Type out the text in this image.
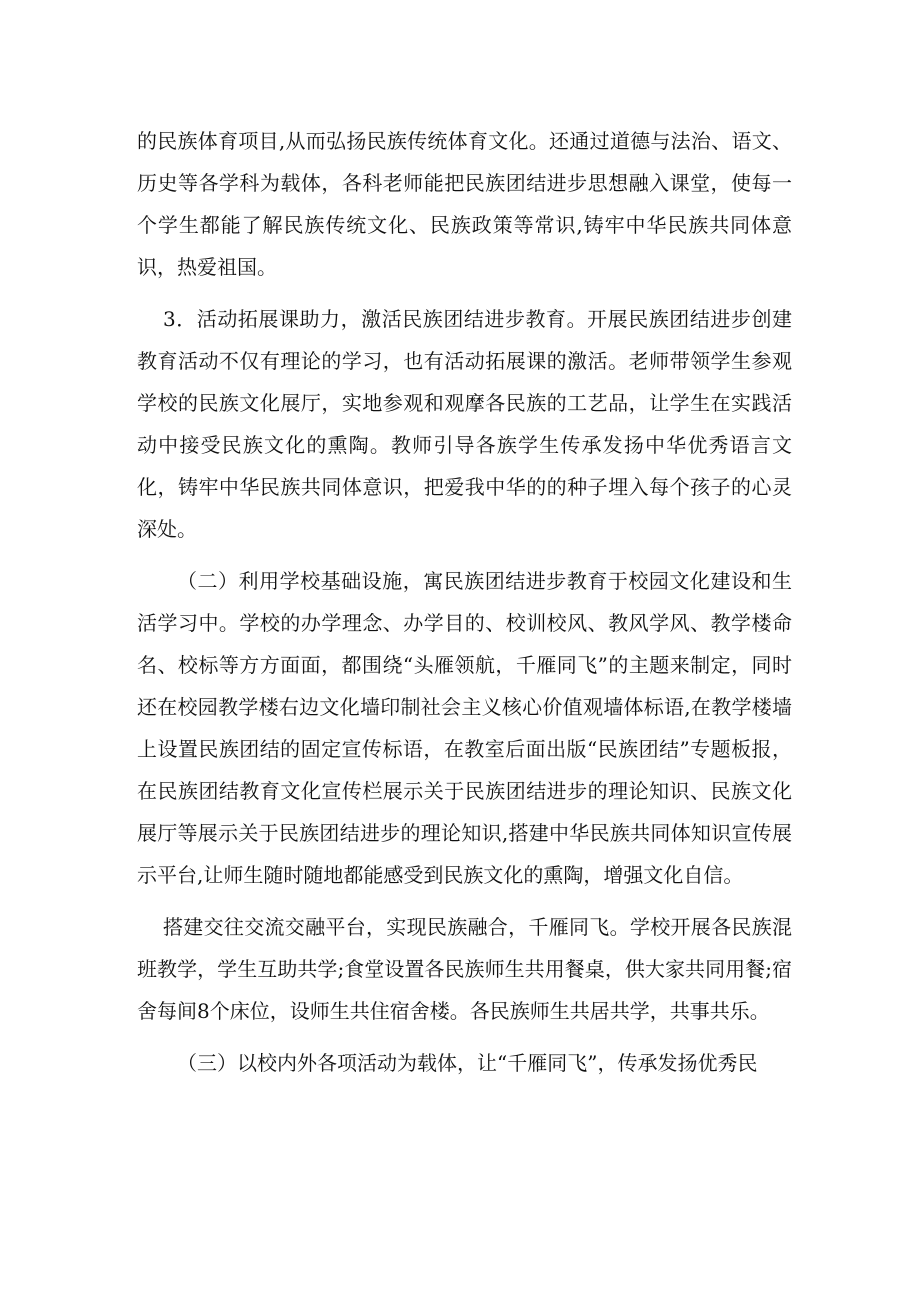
的民族体育项目,从而弘扬民族传统体育文化。还通过道德与法治、语文、历史等各学科为载体，各科老师能把民族团结进步思想融入课堂，使每一个学生都能了解民族传统文化、民族政策等常识,铸牢中华民族共同体意识，热爱祖国。

3．活动拓展课助力，激活民族团结进步教育。开展民族团结进步创建教育活动不仅有理论的学习，也有活动拓展课的激活。老师带领学生参观学校的民族文化展厅，实地参观和观摩各民族的工艺品，让学生在实践活动中接受民族文化的熏陶。教师引导各族学生传承发扬中华优秀语言文化，铸牢中华民族共同体意识，把爱我中华的的种子埋入每个孩子的心灵深处。

（二）利用学校基础设施，寓民族团结进步教育于校园文化建设和生活学习中。学校的办学理念、办学目的、校训校风、教风学风、教学楼命名、校标等方方面面，都围绕“头雁领航，千雁同飞”的主题来制定，同时还在校园教学楼右边文化墙印制社会主义核心价值观墙体标语,在教学楼墙上设置民族团结的固定宣传标语，在教室后面出版“民族团结”专题板报，在民族团结教育文化宣传栏展示关于民族团结进步的理论知识、民族文化展厅等展示关于民族团结进步的理论知识,搭建中华民族共同体知识宣传展示平台,让师生随时随地都能感受到民族文化的熏陶，增强文化自信。

搭建交往交流交融平台，实现民族融合，千雁同飞。学校开展各民族混班教学，学生互助共学;食堂设置各民族师生共用餐桌，供大家共同用餐;宿舍每间8个床位，设师生共住宿舍楼。各民族师生共居共学，共事共乐。

（三）以校内外各项活动为载体，让“千雁同飞”，传承发扬优秀民
